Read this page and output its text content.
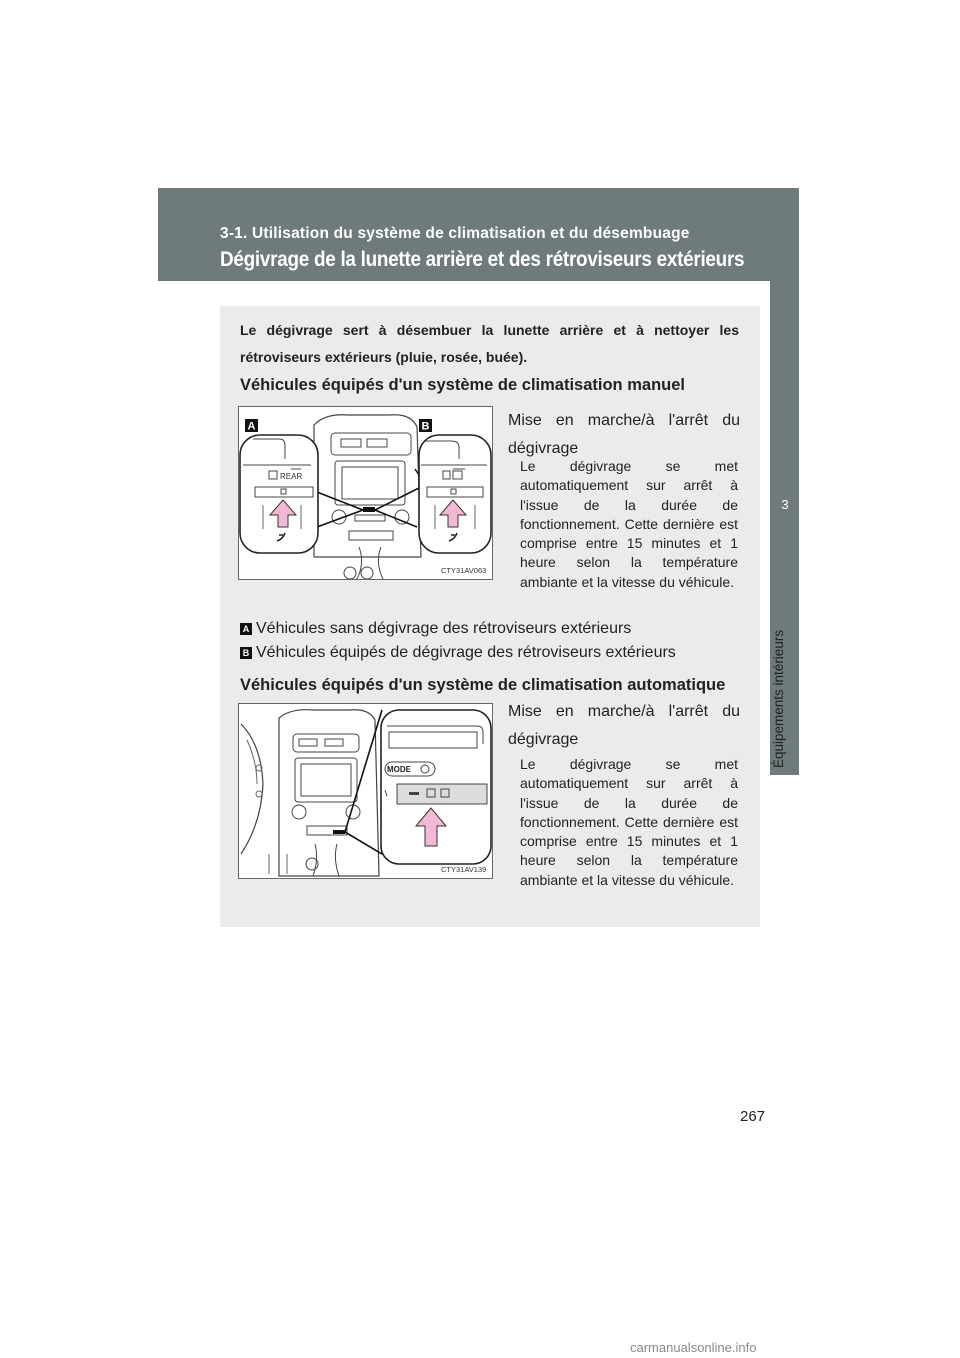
3-1. Utilisation du système de climatisation et du désembuage
Dégivrage de la lunette arrière et des rétroviseurs extérieurs
3
Équipements intérieurs
Le dégivrage sert à désembuer la lunette arrière et à nettoyer les rétroviseurs extérieurs (pluie, rosée, buée).
Véhicules équipés d'un système de climatisation manuel
REAR
A	B
CTY31AV063
Mise en marche/à l'arrêt du dégivrage
Le dégivrage se met automatiquement sur arrêt à l'issue de la durée de fonctionnement. Cette dernière est comprise entre 15 minutes et 1 heure selon la température ambiante et la vitesse du véhicule.
A Véhicules sans dégivrage des rétroviseurs extérieurs
B Véhicules équipés de dégivrage des rétroviseurs extérieurs
Véhicules équipés d'un système de climatisation automatique
MODE
CTY31AV139
Mise en marche/à l'arrêt du dégivrage
Le dégivrage se met automatiquement sur arrêt à l'issue de la durée de fonctionnement. Cette dernière est comprise entre 15 minutes et 1 heure selon la température ambiante et la vitesse du véhicule.
267
carmanualsonline.info
